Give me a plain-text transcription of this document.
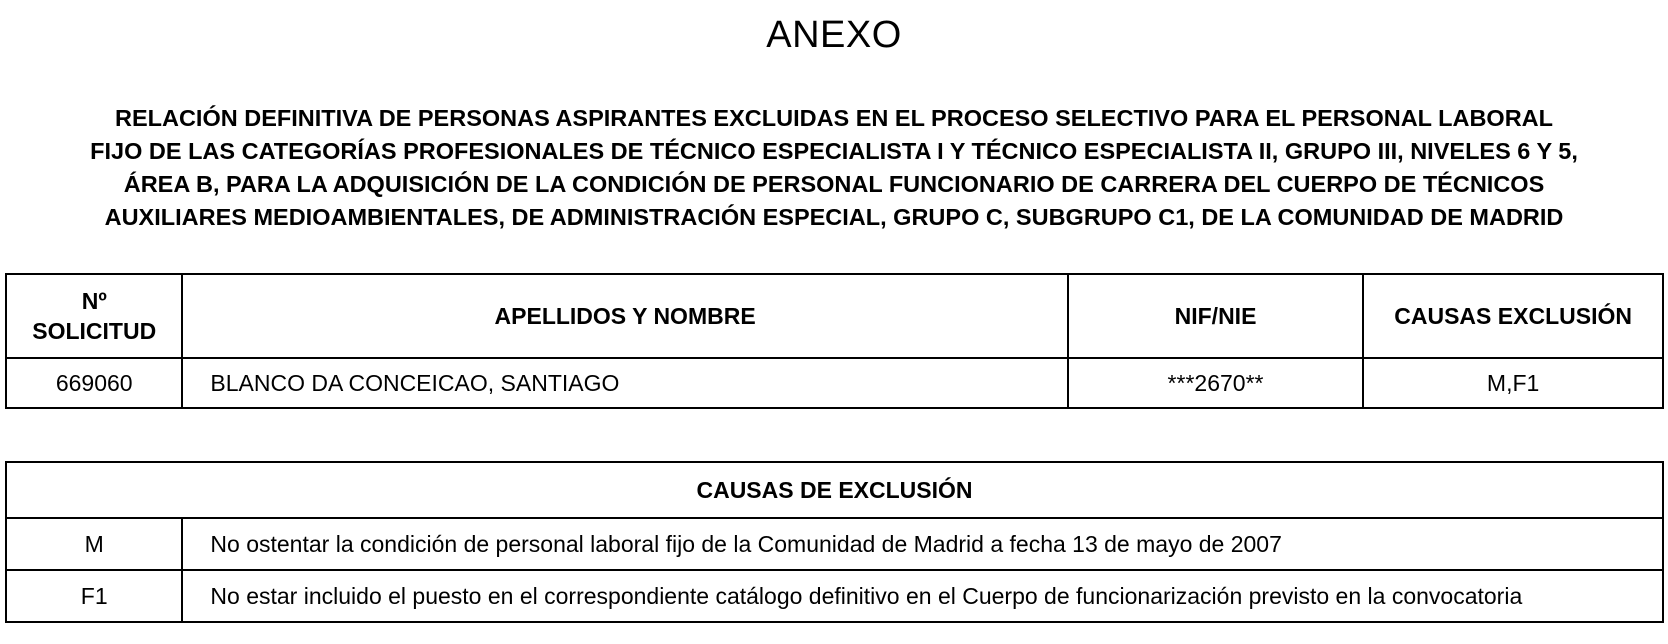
ANEXO
RELACIÓN DEFINITIVA DE PERSONAS ASPIRANTES EXCLUIDAS EN EL PROCESO SELECTIVO PARA EL PERSONAL LABORAL
FIJO DE LAS CATEGORÍAS PROFESIONALES DE TÉCNICO ESPECIALISTA I Y TÉCNICO ESPECIALISTA II, GRUPO III, NIVELES 6 Y 5,
ÁREA B, PARA LA ADQUISICIÓN DE LA CONDICIÓN DE PERSONAL FUNCIONARIO DE CARRERA DEL CUERPO DE TÉCNICOS
AUXILIARES MEDIOAMBIENTALES, DE ADMINISTRACIÓN ESPECIAL, GRUPO C, SUBGRUPO C1, DE LA COMUNIDAD DE MADRID
Nº
SOLICITUD	APELLIDOS Y NOMBRE	NIF/NIE	CAUSAS EXCLUSIÓN
669060	BLANCO DA CONCEICAO, SANTIAGO	***2670**	M,F1
CAUSAS DE EXCLUSIÓN	
M	No ostentar la condición de personal laboral fijo de la Comunidad de Madrid a fecha 13 de mayo de 2007
F1	No estar incluido el puesto en el correspondiente catálogo definitivo en el Cuerpo de funcionarización previsto en la convocatoria
